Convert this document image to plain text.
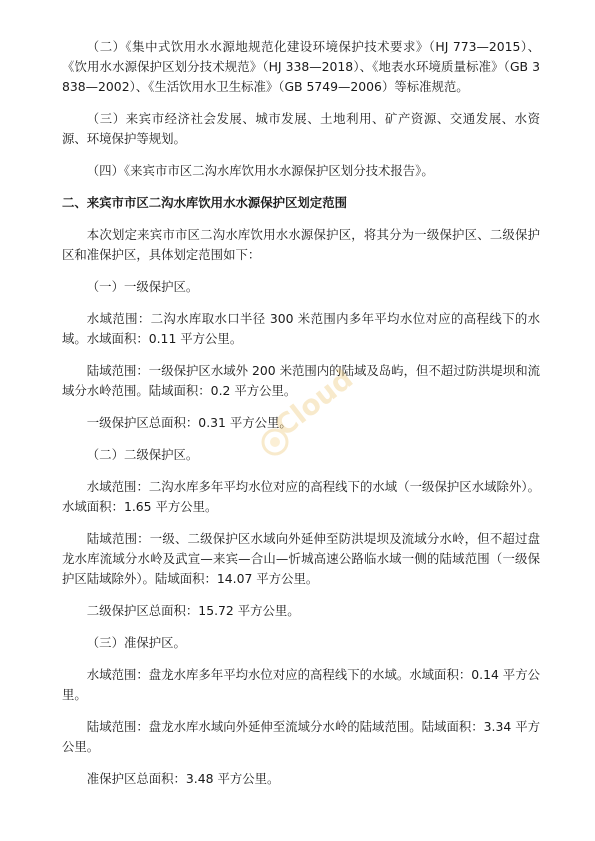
（二）《集中式饮用水水源地规范化建设环境保护技术要求》（HJ 773—2015）、《饮用水水源保护区划分技术规范》（HJ 338—2018）、《地表水环境质量标准》（GB 3838—2002）、《生活饮用水卫生标准》（GB 5749—2006）等标准规范。

（三）来宾市经济社会发展、城市发展、土地利用、矿产资源、交通发展、水资源、环境保护等规划。

（四）《来宾市市区二沟水库饮用水水源保护区划分技术报告》。

二、来宾市市区二沟水库饮用水水源保护区划定范围

本次划定来宾市市区二沟水库饮用水水源保护区，将其分为一级保护区、二级保护区和准保护区，具体划定范围如下：

（一）一级保护区。

水域范围：二沟水库取水口半径 300 米范围内多年平均水位对应的高程线下的水域。水域面积：0.11 平方公里。

陆域范围：一级保护区水域外 200 米范围内的陆域及岛屿，但不超过防洪堤坝和流域分水岭范围。陆域面积：0.2 平方公里。

一级保护区总面积：0.31 平方公里。

（二）二级保护区。

水域范围：二沟水库多年平均水位对应的高程线下的水域（一级保护区水域除外）。水域面积：1.65 平方公里。

陆域范围：一级、二级保护区水域向外延伸至防洪堤坝及流域分水岭，但不超过盘龙水库流域分水岭及武宣—来宾—合山—忻城高速公路临水域一侧的陆域范围（一级保护区陆域除外）。陆域面积：14.07 平方公里。

二级保护区总面积：15.72 平方公里。

（三）准保护区。

水域范围：盘龙水库多年平均水位对应的高程线下的水域。水域面积：0.14 平方公里。

陆域范围：盘龙水库水域向外延伸至流域分水岭的陆域范围。陆域面积：3.34 平方公里。

准保护区总面积：3.48 平方公里。

Cloud
